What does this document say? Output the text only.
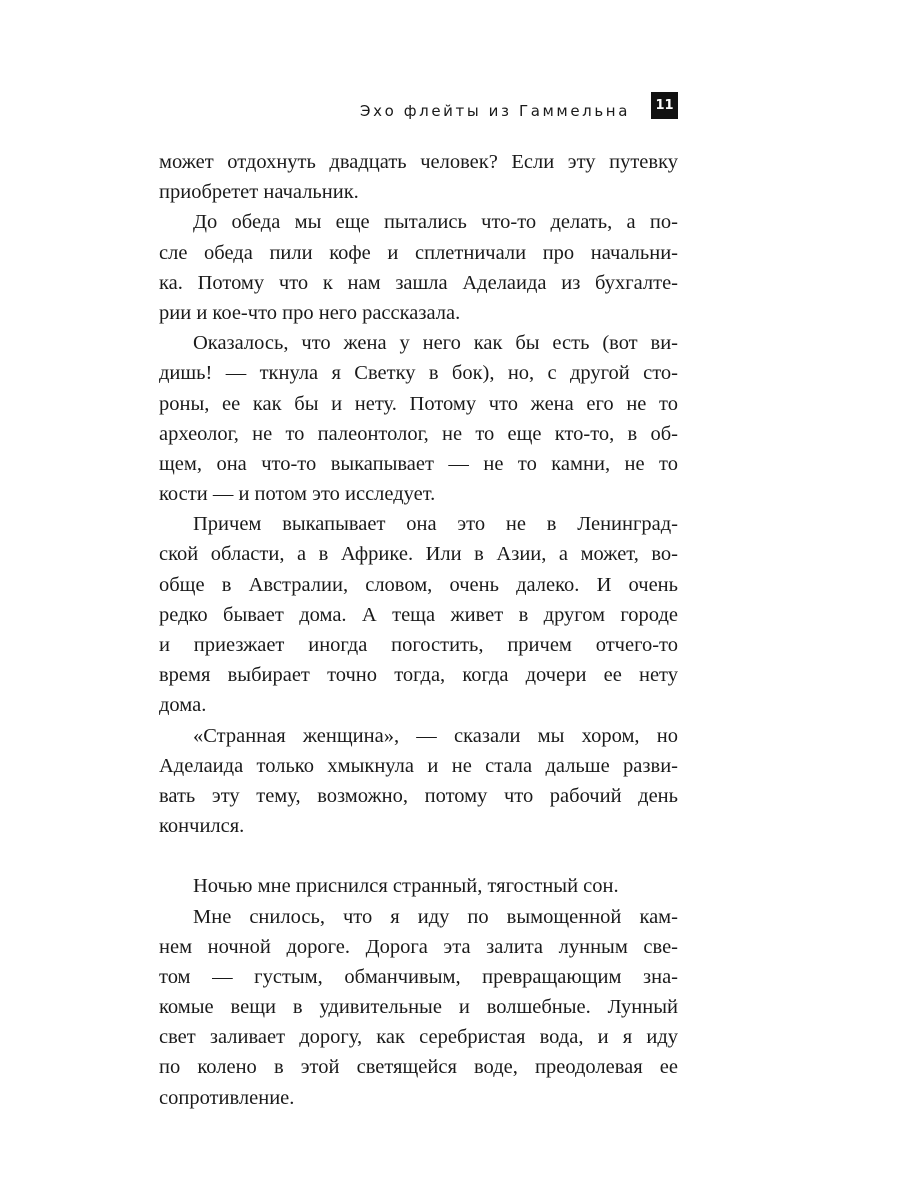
Эхо флейты из Гаммельна	11
может отдохнуть двадцать человек? Если эту путевку
приобретет начальник.
До обеда мы еще пытались что-то делать, а по-
сле обеда пили кофе и сплетничали про начальни-
ка. Потому что к нам зашла Аделаида из бухгалте-
рии и кое-что про него рассказала.
Оказалось, что жена у него как бы есть (вот ви-
дишь! — ткнула я Светку в бок), но, с другой сто-
роны, ее как бы и нету. Потому что жена его не то
археолог, не то палеонтолог, не то еще кто-то, в об-
щем, она что-то выкапывает — не то камни, не то
кости — и потом это исследует.
Причем выкапывает она это не в Ленинград-
ской области, а в Африке. Или в Азии, а может, во-
обще в Австралии, словом, очень далеко. И очень
редко бывает дома. А теща живет в другом городе
и приезжает иногда погостить, причем отчего-то
время выбирает точно тогда, когда дочери ее нету
дома.
«Странная женщина», — сказали мы хором, но
Аделаида только хмыкнула и не стала дальше разви-
вать эту тему, возможно, потому что рабочий день
кончился.
Ночью мне приснился странный, тягостный сон.
Мне снилось, что я иду по вымощенной кам-
нем ночной дороге. Дорога эта залита лунным све-
том — густым, обманчивым, превращающим зна-
комые вещи в удивительные и волшебные. Лунный
свет заливает дорогу, как серебристая вода, и я иду
по колено в этой светящейся воде, преодолевая ее
сопротивление.
